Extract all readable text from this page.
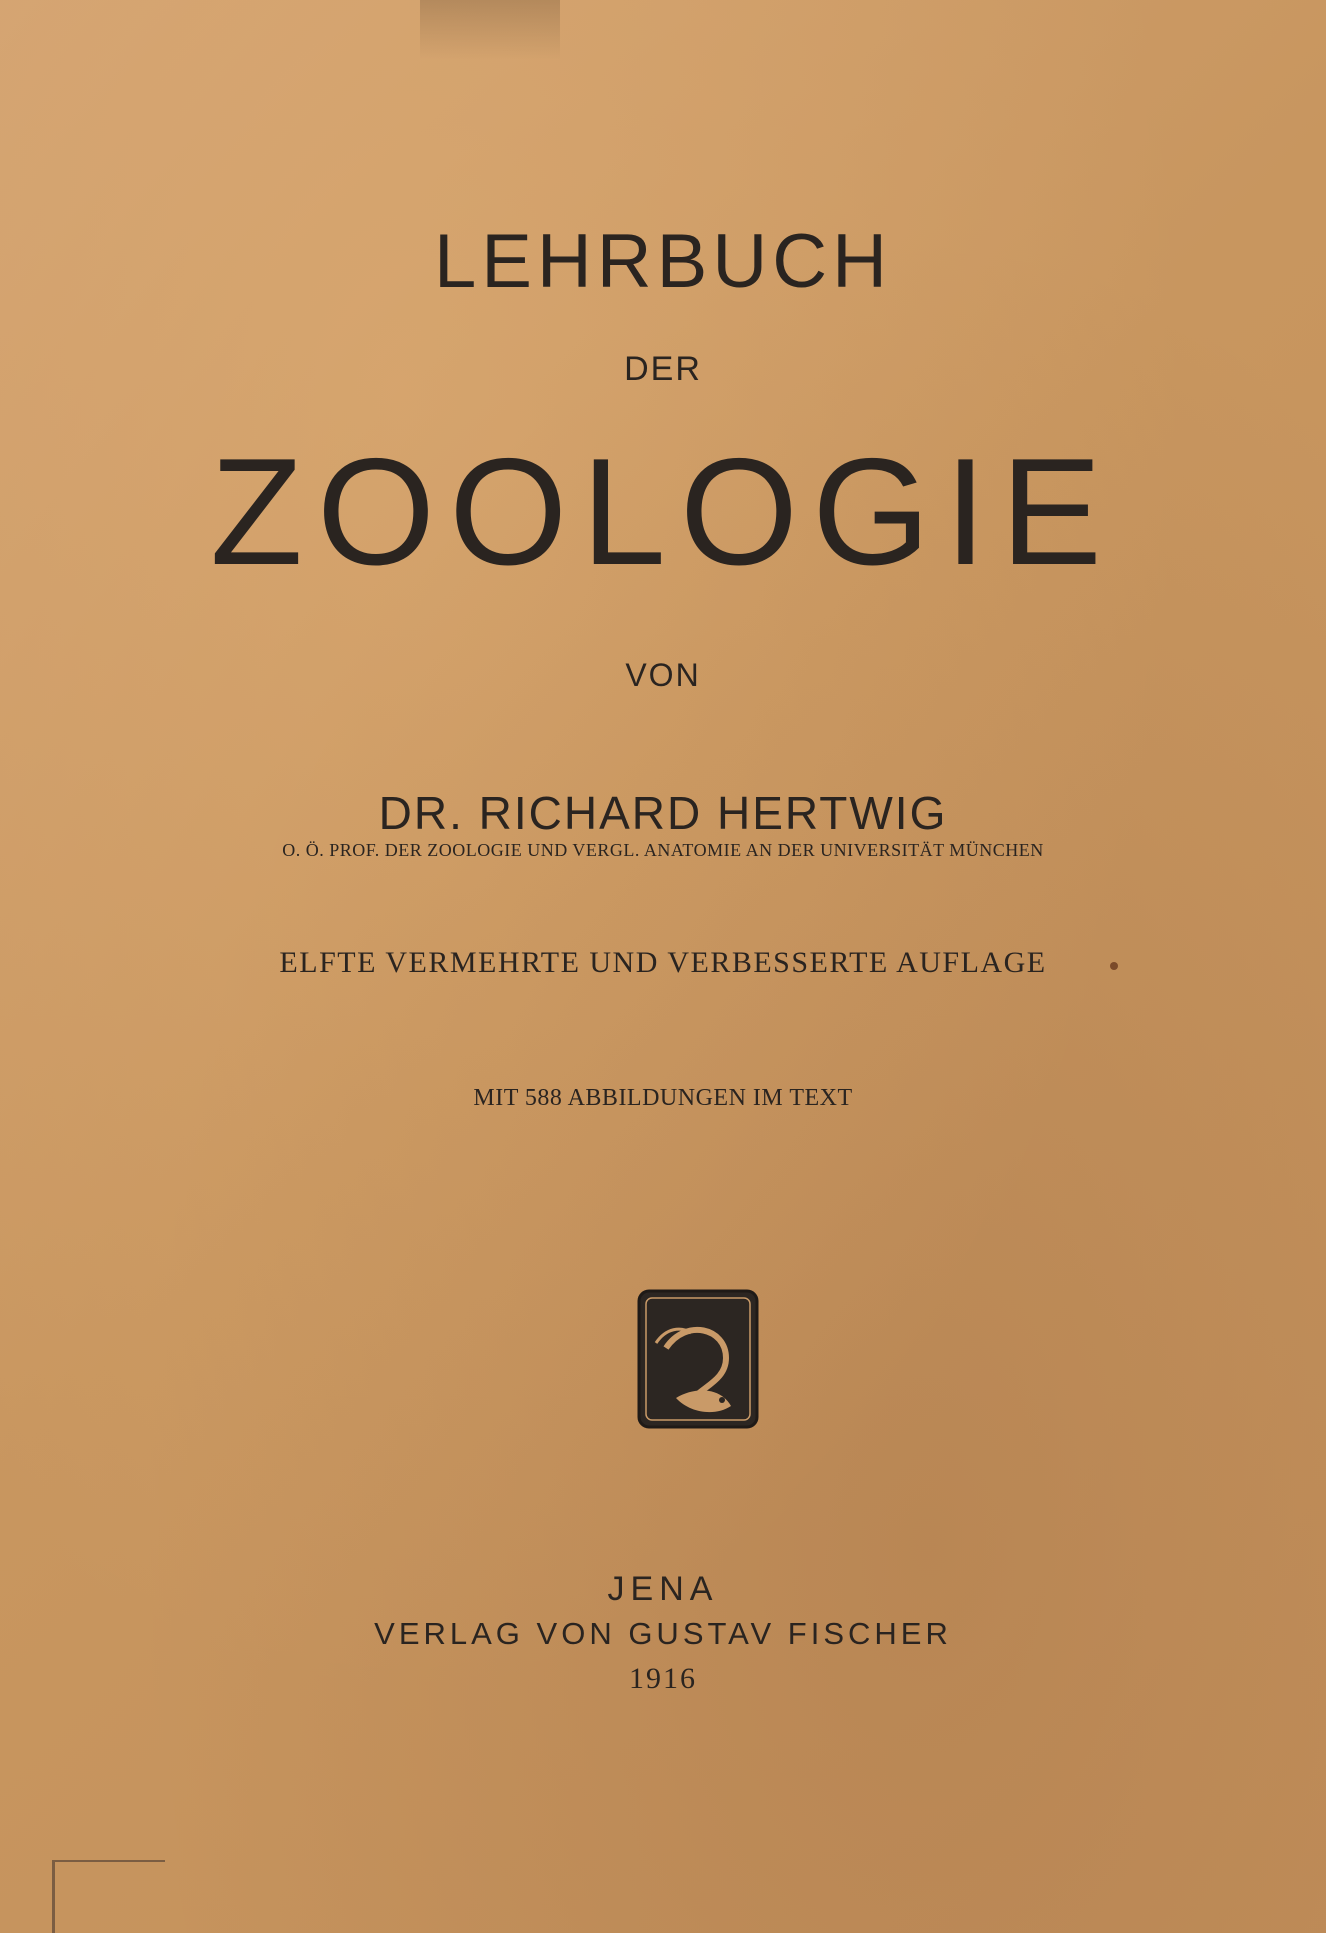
LEHRBUCH
DER
ZOOLOGIE
VON
DR. RICHARD HERTWIG
O. Ö. PROF. DER ZOOLOGIE UND VERGL. ANATOMIE AN DER UNIVERSITÄT MÜNCHEN
ELFTE VERMEHRTE UND VERBESSERTE AUFLAGE
MIT 588 ABBILDUNGEN IM TEXT
JENA
VERLAG VON GUSTAV FISCHER
1916
